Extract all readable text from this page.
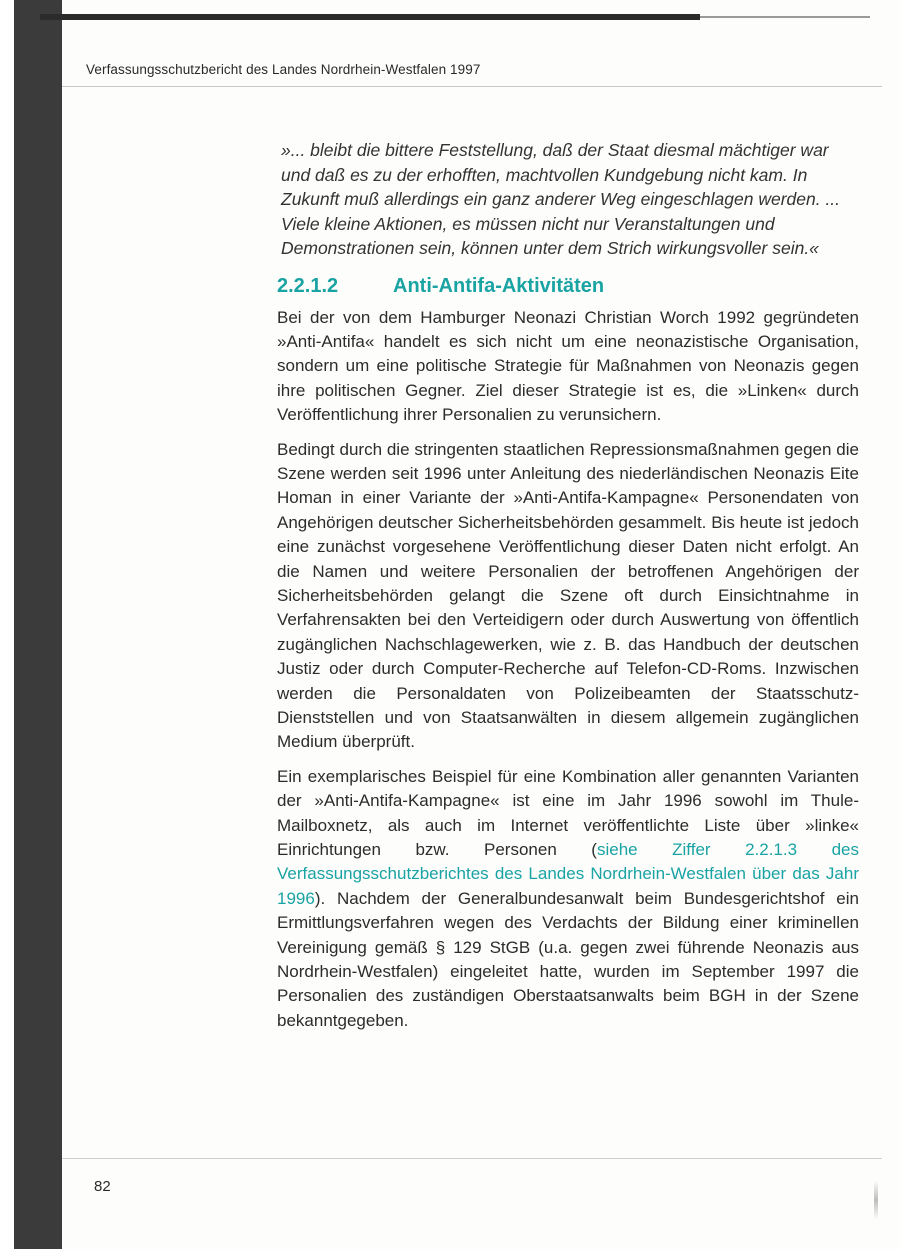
Verfassungsschutzbericht des Landes Nordrhein-Westfalen 1997

»... bleibt die bittere Feststellung, daß der Staat diesmal mächtiger war und daß es zu der erhofften, machtvollen Kundgebung nicht kam. In Zukunft muß allerdings ein ganz anderer Weg eingeschlagen werden. ... Viele kleine Aktionen, es müssen nicht nur Veranstaltungen und Demonstrationen sein, können unter dem Strich wirkungsvoller sein.«

2.2.1.2	Anti-Antifa-Aktivitäten

Bei der von dem Hamburger Neonazi Christian Worch 1992 gegründeten »Anti-Antifa« handelt es sich nicht um eine neonazistische Organisation, sondern um eine politische Strategie für Maßnahmen von Neonazis gegen ihre politischen Gegner. Ziel dieser Strategie ist es, die »Linken« durch Veröffentlichung ihrer Personalien zu verunsichern.

Bedingt durch die stringenten staatlichen Repressionsmaßnahmen gegen die Szene werden seit 1996 unter Anleitung des niederländischen Neonazis Eite Homan in einer Variante der »Anti-Antifa-Kampagne« Personendaten von Angehörigen deutscher Sicherheitsbehörden gesammelt. Bis heute ist jedoch eine zunächst vorgesehene Veröffentlichung dieser Daten nicht erfolgt. An die Namen und weitere Personalien der betroffenen Angehörigen der Sicherheitsbehörden gelangt die Szene oft durch Einsichtnahme in Verfahrensakten bei den Verteidigern oder durch Auswertung von öffentlich zugänglichen Nachschlagewerken, wie z. B. das Handbuch der deutschen Justiz oder durch Computer-Recherche auf Telefon-CD-Roms. Inzwischen werden die Personaldaten von Polizeibeamten der Staatsschutz-Dienststellen und von Staatsanwälten in diesem allgemein zugänglichen Medium überprüft.

Ein exemplarisches Beispiel für eine Kombination aller genannten Varianten der »Anti-Antifa-Kampagne« ist eine im Jahr 1996 sowohl im Thule-Mailboxnetz, als auch im Internet veröffentlichte Liste über »linke« Einrichtungen bzw. Personen (siehe Ziffer 2.2.1.3 des Verfassungsschutzberichtes des Landes Nordrhein-Westfalen über das Jahr 1996). Nachdem der Generalbundesanwalt beim Bundesgerichtshof ein Ermittlungsverfahren wegen des Verdachts der Bildung einer kriminellen Vereinigung gemäß § 129 StGB (u.a. gegen zwei führende Neonazis aus Nordrhein-Westfalen) eingeleitet hatte, wurden im September 1997 die Personalien des zuständigen Oberstaatsanwalts beim BGH in der Szene bekanntgegeben.

82
